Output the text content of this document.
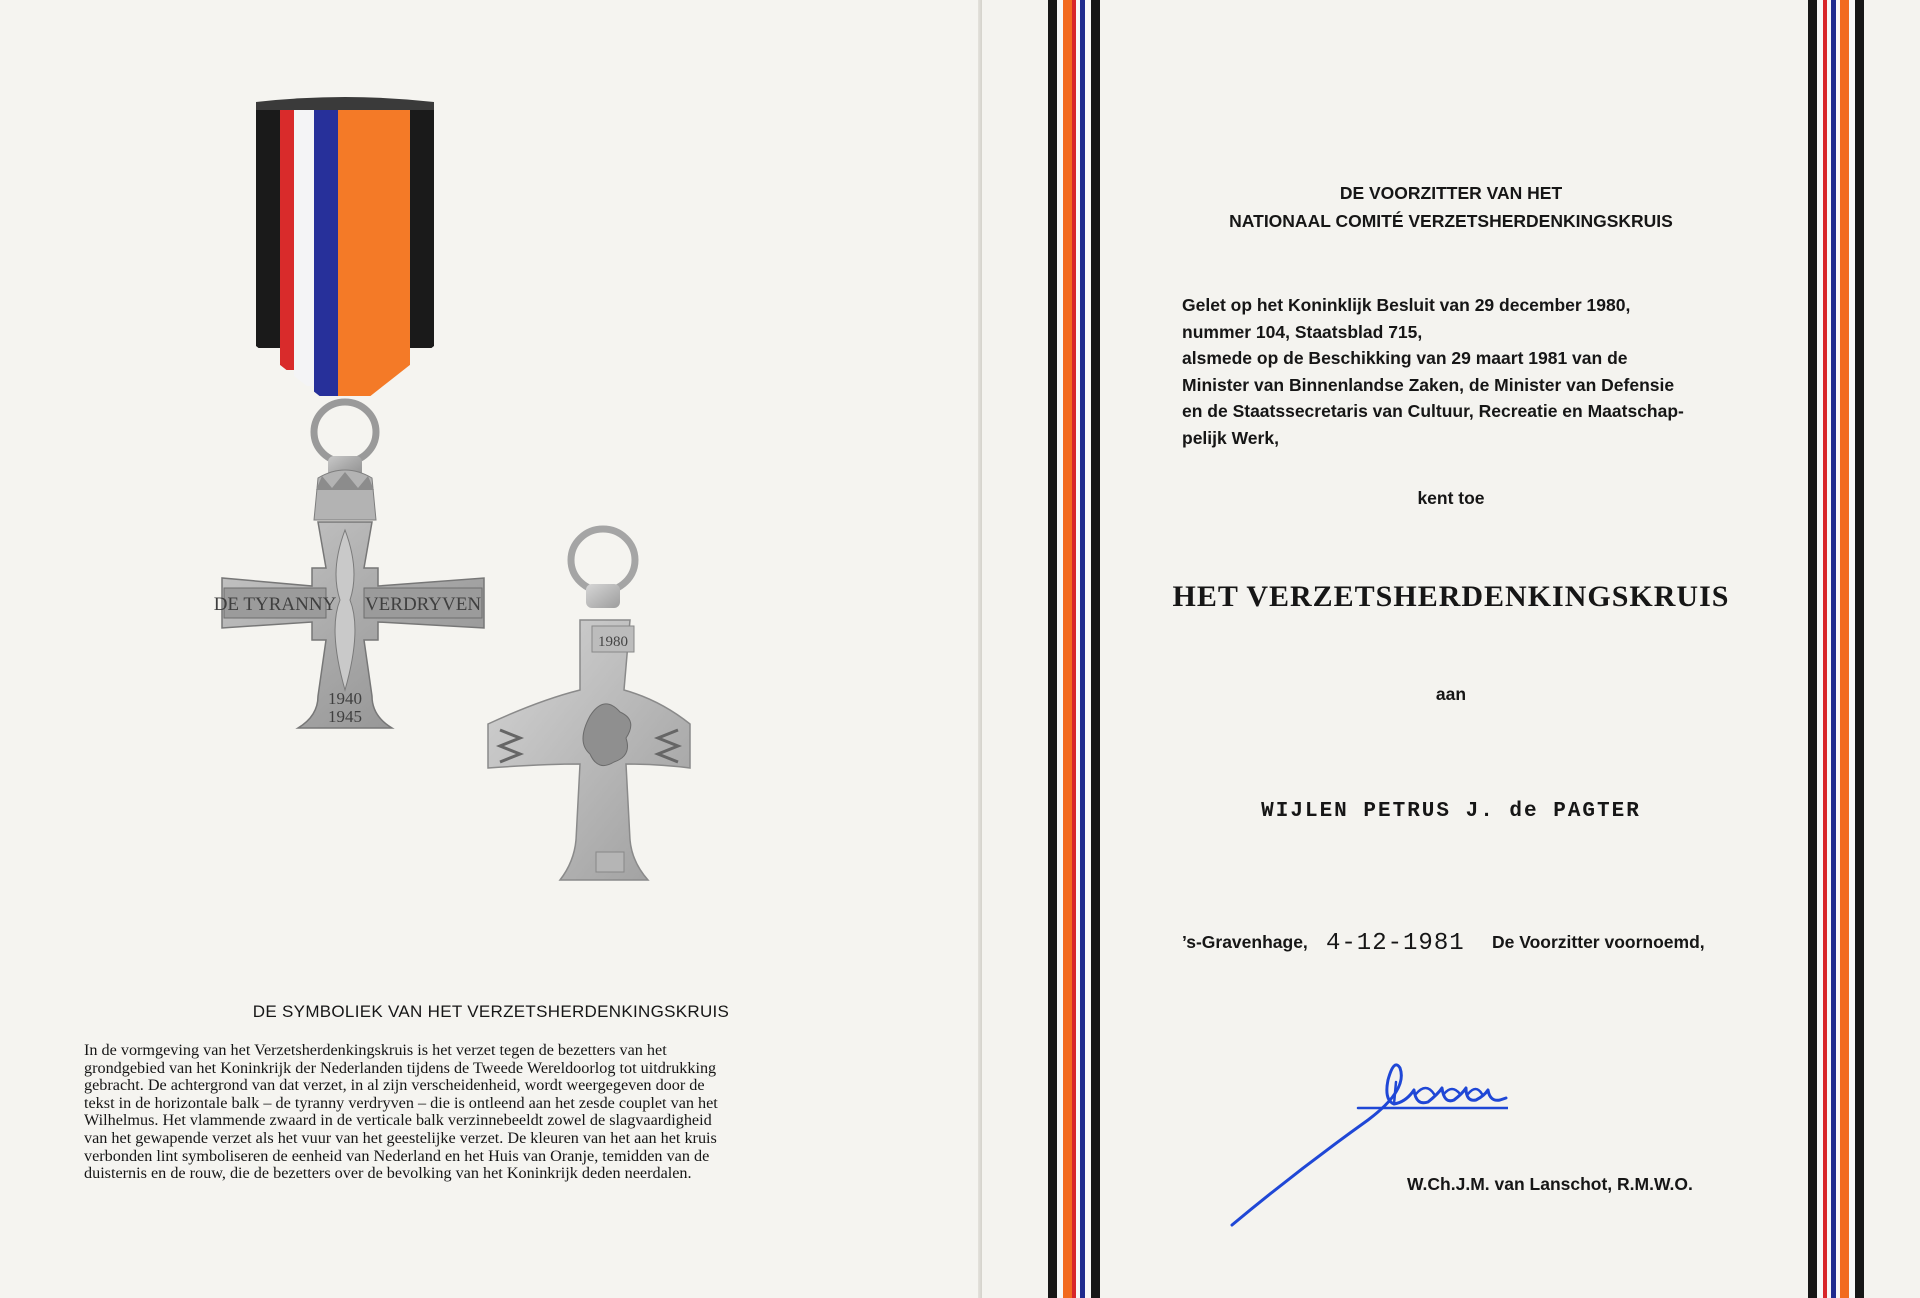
DE TYRANNY VERDRYVEN
1940
1945
1980
DE SYMBOLIEK VAN HET VERZETSHERDENKINGSKRUIS
In de vormgeving van het Verzetsherdenkingskruis is het verzet tegen de bezetters van het
grondgebied van het Koninkrijk der Nederlanden tijdens de Tweede Wereldoorlog tot uitdrukking
gebracht. De achtergrond van dat verzet, in al zijn verscheidenheid, wordt weergegeven door de
tekst in de horizontale balk – de tyranny verdryven – die is ontleend aan het zesde couplet van het
Wilhelmus. Het vlammende zwaard in de verticale balk verzinnebeeldt zowel de slagvaardigheid
van het gewapende verzet als het vuur van het geestelijke verzet. De kleuren van het aan het kruis
verbonden lint symboliseren de eenheid van Nederland en het Huis van Oranje, temidden van de
duisternis en de rouw, die de bezetters over de bevolking van het Koninkrijk deden neerdalen.
DE VOORZITTER VAN HET
NATIONAAL COMITÉ VERZETSHERDENKINGSKRUIS
Gelet op het Koninklijk Besluit van 29 december 1980,
nummer 104, Staatsblad 715,
alsmede op de Beschikking van 29 maart 1981 van de
Minister van Binnenlandse Zaken, de Minister van Defensie
en de Staatssecretaris van Cultuur, Recreatie en Maatschap-
pelijk Werk,
kent toe
HET VERZETSHERDENKINGSKRUIS
aan
WIJLEN PETRUS J. de PAGTER
’s-Gravenhage, 4-12-1981 De Voorzitter voornoemd,
W.Ch.J.M. van Lanschot, R.M.W.O.
